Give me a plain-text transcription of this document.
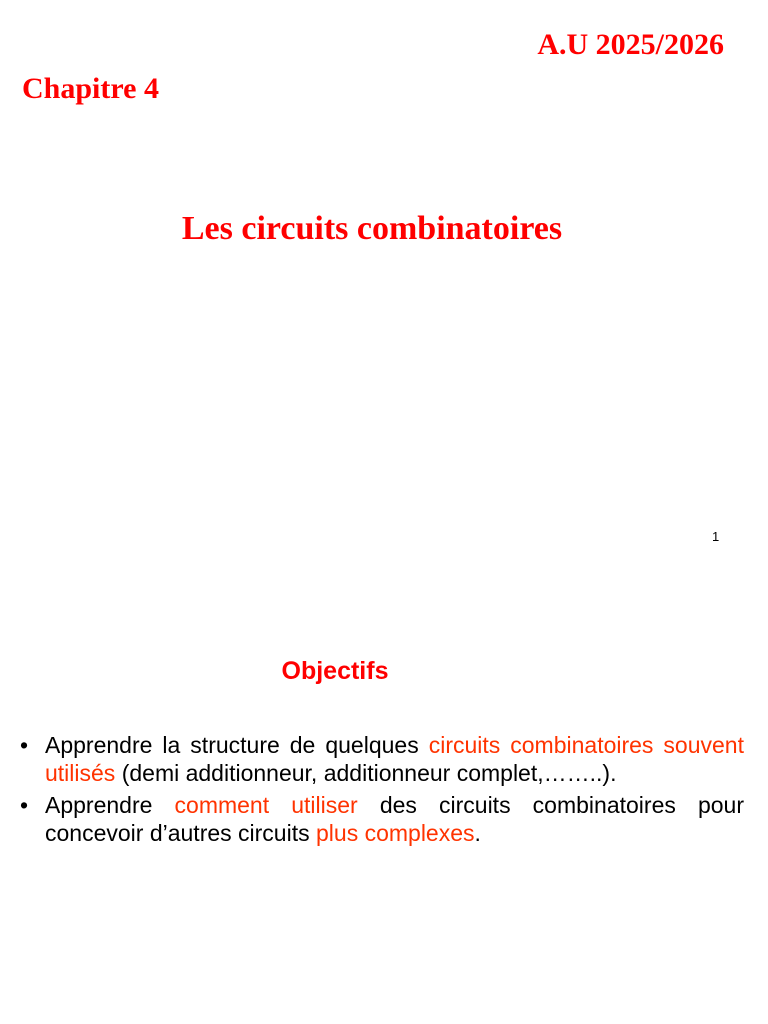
A.U 2025/2026
Chapitre 4
Les circuits combinatoires
1
Objectifs
• Apprendre la structure de quelques circuits combinatoires souvent utilisés (demi additionneur, additionneur complet,……..).
• Apprendre comment utiliser des circuits combinatoires pour concevoir d’autres circuits plus complexes.
